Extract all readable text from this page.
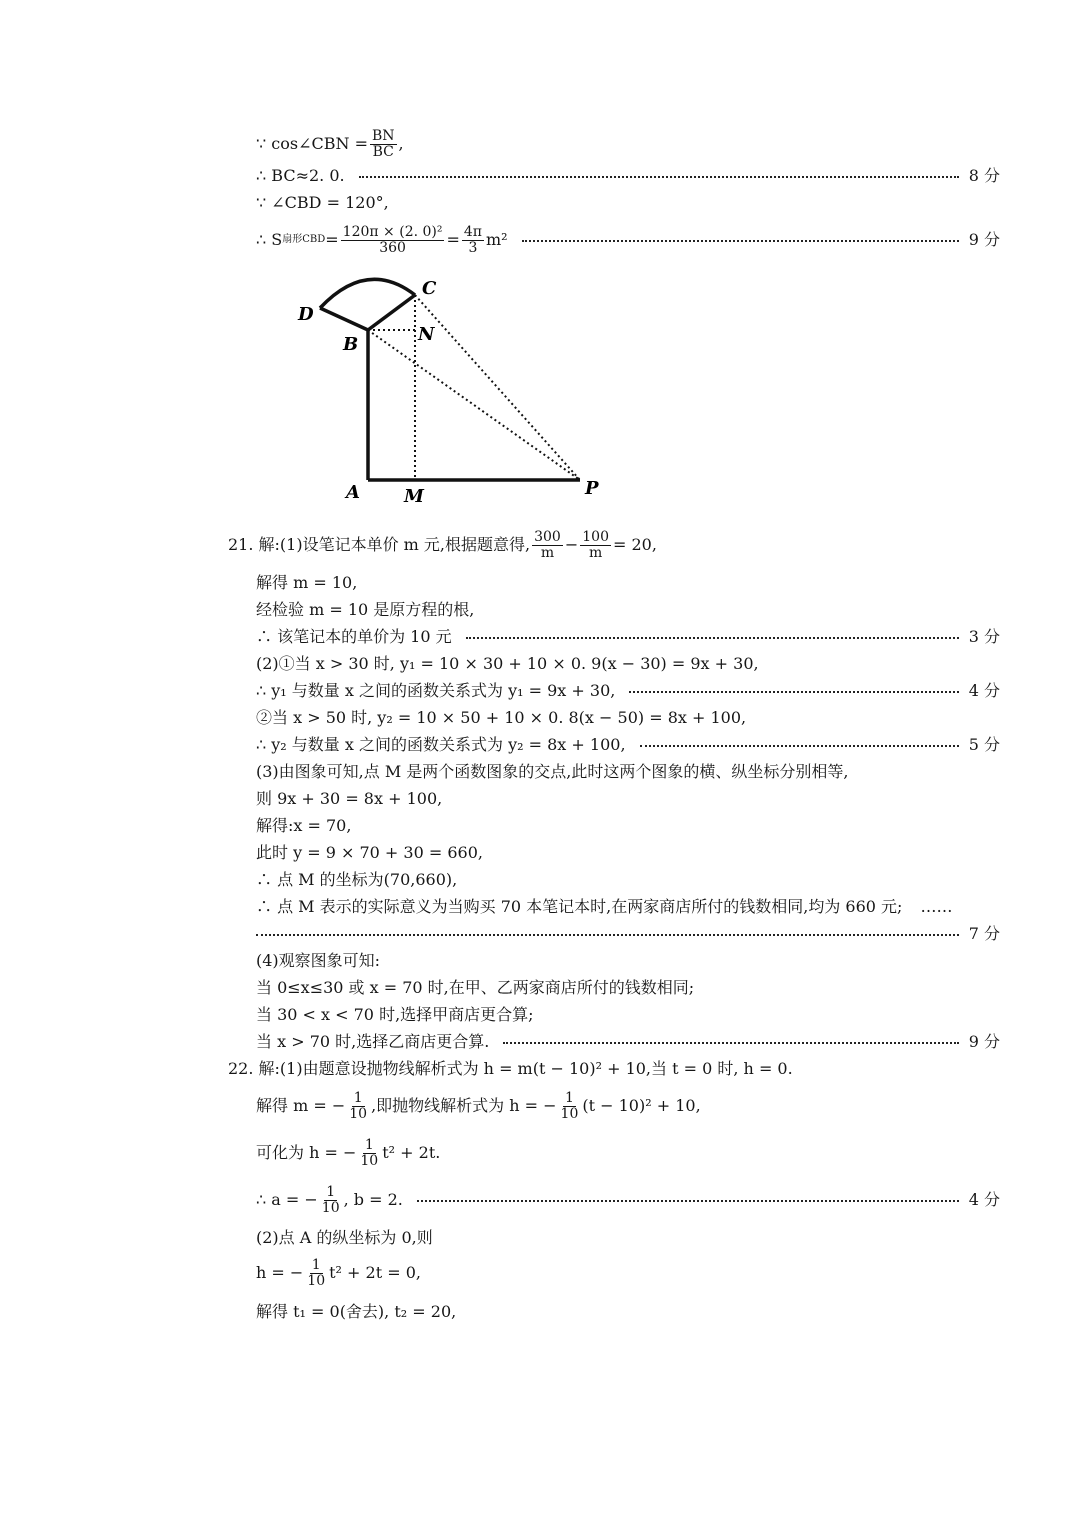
∵ cos∠CBN = $\frac{BN}{BC}$ ,
∴ BC≈2. 0.	8 分
∵ ∠CBD = 120°,
∴ S 扇形CBD = $\frac{\text{120π × (2. 0)²}}{360} = \frac{4\pi}{3} m^2$	9 分
D
C
B	N
A M	P
21. 解:(1)设笔记本单价 m 元,根据题意得, $\frac{300}{m} - \frac{100}{m} = 20$,
解得 m = 10,
经检验 m = 10 是原方程的根,
∴ 该笔记本的单价为 10 元	3 分
(2)①当 x > 30 时, y₁ = 10 × 30 + 10 × 0. 9(x − 30) = 9x + 30,
∴ y₁ 与数量 x 之间的函数关系式为 y₁ = 9x + 30,	4 分
②当 x > 50 时, y₂ = 10 × 50 + 10 × 0. 8(x − 50) = 8x + 100,
∴ y₂ 与数量 x 之间的函数关系式为 y₂ = 8x + 100,	5 分
(3)由图象可知,点 M 是两个函数图象的交点,此时这两个图象的横、纵坐标分别相等,
则 9x + 30 = 8x + 100,
解得:x = 70,
此时 y = 9 × 70 + 30 = 660,
∴ 点 M 的坐标为(70,660),
∴ 点 M 表示的实际意义为当购买 70 本笔记本时,在两家商店所付的钱数相同,均为 660 元; ……
7 分
(4)观察图象可知:
当 0≤x≤30 或 x = 70 时,在甲、乙两家商店所付的钱数相同;
当 30 < x < 70 时,选择甲商店更合算;
当 x > 70 时,选择乙商店更合算.	9 分
22. 解:(1)由题意设抛物线解析式为 h = m(t − 10)² + 10,当 t = 0 时, h = 0.
解得 m = − $\frac{1}{10}$ ,即抛物线解析式为 h = − $\frac{1}{10} (t - 10)^2 + 10$,
可化为 h = − $\frac{1}{10} t^2 + 2t$.
∴ a = − $\frac{1}{10}$ , b = 2.	4 分
(2)点 A 的纵坐标为 0,则
h = − $\frac{1}{10} t^2 + 2t = 0$,
解得 t₁ = 0(舍去), t₂ = 20,
